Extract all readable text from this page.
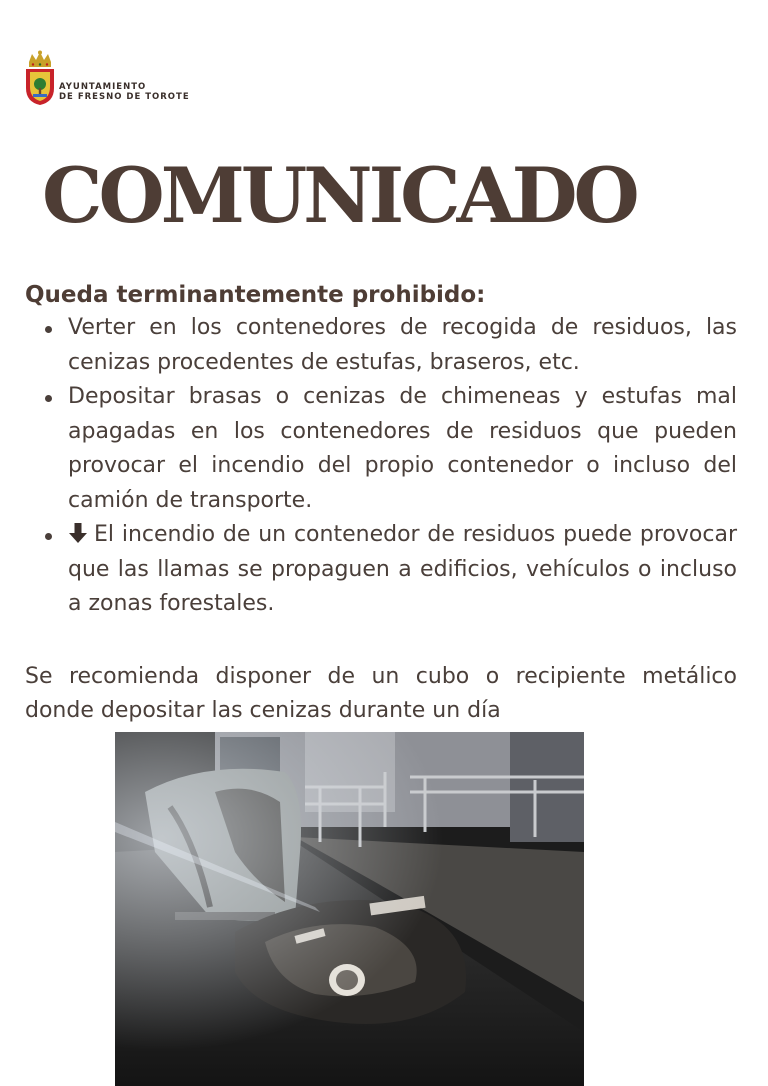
AYUNTAMIENTO
DE FRESNO DE TOROTE
COMUNICADO

Queda terminantemente prohibido:

Verter en los contenedores de recogida de residuos, las cenizas procedentes de estufas, braseros, etc.
Depositar brasas o cenizas de chimeneas y estufas mal apagadas en los contenedores de residuos que pueden provocar el incendio del propio contenedor o incluso del camión de transporte.
El incendio de un contenedor de residuos puede provocar que las llamas se propaguen a edificios, vehículos o incluso a zonas forestales.

Se recomienda disponer de un cubo o recipiente metálico donde depositar las cenizas durante un día
